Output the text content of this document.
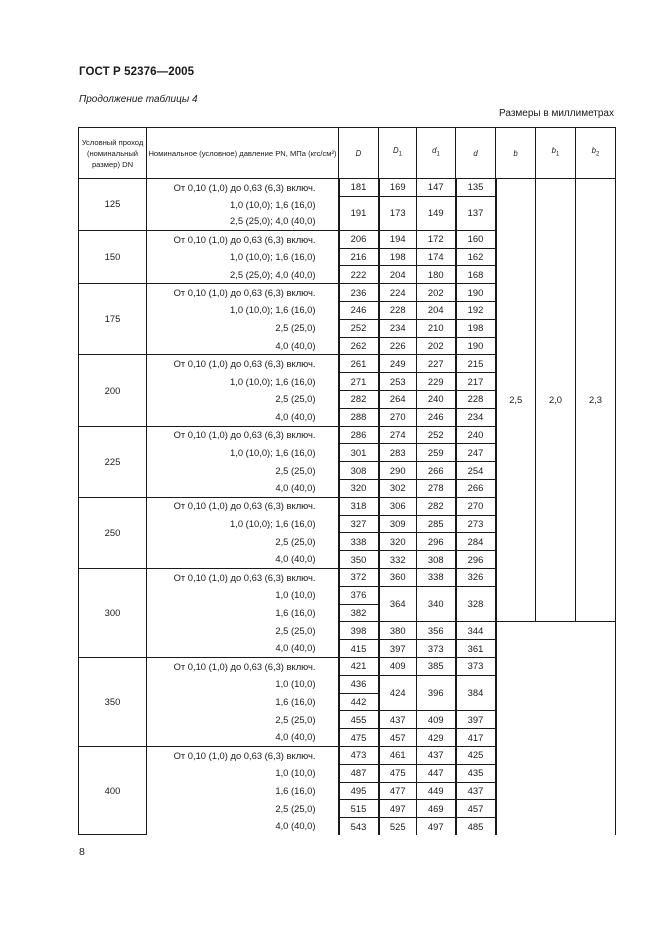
ГОСТ Р 52376—2005
Продолжение таблицы 4
Размеры в миллиметрах
Условный проход (номинальный размер) DN	Номинальное (условное) давление PN, МПа (кгс/см²)	D	$D_1$	$d_1$	d	b	$b_1$	$b_2$
125	От 0,10 (1,0) до 0,63 (6,3) включ.	181	169	147	135	2,5	2,0	2,3	
	1,0 (10,0); 1,6 (16,0)	191	173	149	137				
	2,5 (25,0); 4,0 (40,0)								
150	От 0,10 (1,0) до 0,63 (6,3) включ.	206	194	172	160				
	1,0 (10,0); 1,6 (16,0)	216	198	174	162				
	2,5 (25,0); 4,0 (40,0)	222	204	180	168				
175	От 0,10 (1,0) до 0,63 (6,3) включ.	236	224	202	190				
	1,0 (10,0); 1,6 (16,0)	246	228	204	192				
	2,5 (25,0)	252	234	210	198				
	4,0 (40,0)	262	226	202	190				
200	От 0,10 (1,0) до 0,63 (6,3) включ.	261	249	227	215				
	1,0 (10,0); 1,6 (16,0)	271	253	229	217				
	2,5 (25,0)	282	264	240	228				
	4,0 (40,0)	288	270	246	234				
225	От 0,10 (1,0) до 0,63 (6,3) включ.	286	274	252	240				
	1,0 (10,0); 1,6 (16,0)	301	283	259	247				
	2,5 (25,0)	308	290	266	254				
	4,0 (40,0)	320	302	278	266				
250	От 0,10 (1,0) до 0,63 (6,3) включ.	318	306	282	270				
	1,0 (10,0); 1,6 (16,0)	327	309	285	273				
	2,5 (25,0)	338	320	296	284				
	4,0 (40,0)	350	332	308	296				
300	От 0,10 (1,0) до 0,63 (6,3) включ.	372	360	338	326			
	1,0 (10,0)	376	364	340	328				
	1,6 (16,0)	382							
	2,5 (25,0)	398	380	356	344				
	4,0 (40,0)	415	397	373	361				
350	От 0,10 (1,0) до 0,63 (6,3) включ.	421	409	385	373				
	1,0 (10,0)	436	424	396	384				
	1,6 (16,0)	442							
	2,5 (25,0)	455	437	409	397				
	4,0 (40,0)	475	457	429	417				
400	От 0,10 (1,0) до 0,63 (6,3) включ.	473	461	437	425				
	1,0 (10,0)	487	475	447	435				
	1,6 (16,0)	495	477	449	437				
	2,5 (25,0)	515	497	469	457				
	4,0 (40,0)	543	525	497	485				
8
